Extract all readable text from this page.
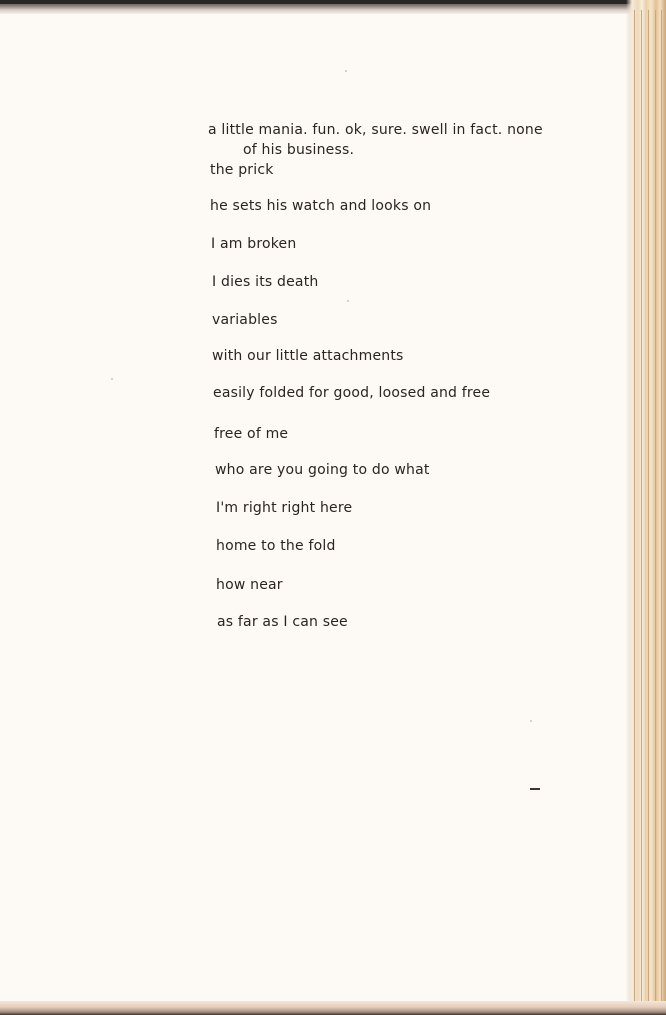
a little mania. fun. ok, sure. swell in fact. none

of his business.

the prick

he sets his watch and looks on

I am broken

I dies its death

variables

with our little attachments

easily folded for good, loosed and free

free of me

who are you going to do what

I'm right right here

home to the fold

how near

as far as I can see
